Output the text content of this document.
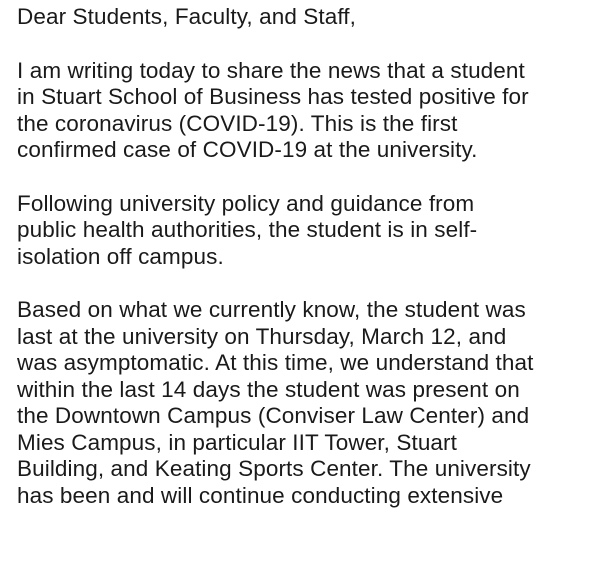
Dear Students, Faculty, and Staff,
I am writing today to share the news that a student
in Stuart School of Business has tested positive for
the coronavirus (COVID-19). This is the first
confirmed case of COVID-19 at the university.
Following university policy and guidance from
public health authorities, the student is in self-
isolation off campus.
Based on what we currently know, the student was
last at the university on Thursday, March 12, and
was asymptomatic. At this time, we understand that
within the last 14 days the student was present on
the Downtown Campus (Conviser Law Center) and
Mies Campus, in particular IIT Tower, Stuart
Building, and Keating Sports Center. The university
has been and will continue conducting extensive
